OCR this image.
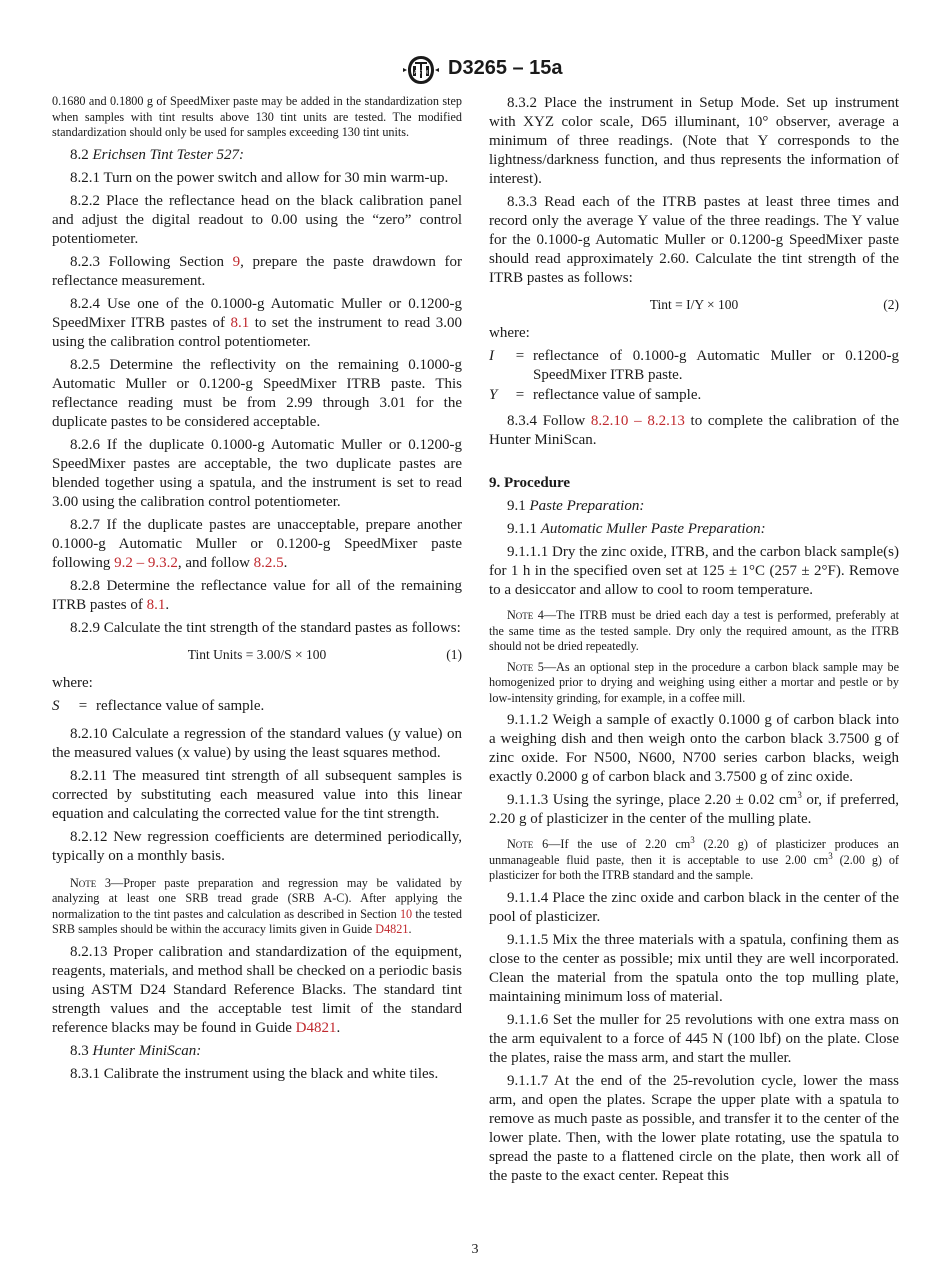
ASTM D3265 – 15a

0.1680 and 0.1800 g of SpeedMixer paste may be added in the standardization step when samples with tint results above 130 tint units are tested. The modified standardization should only be used for samples exceeding 130 tint units.

8.2 Erichsen Tint Tester 527:

8.2.1 Turn on the power switch and allow for 30 min warm-up.

8.2.2 Place the reflectance head on the black calibration panel and adjust the digital readout to 0.00 using the “zero” control potentiometer.

8.2.3 Following Section 9, prepare the paste drawdown for reflectance measurement.

8.2.4 Use one of the 0.1000-g Automatic Muller or 0.1200-g SpeedMixer ITRB pastes of 8.1 to set the instrument to read 3.00 using the calibration control potentiometer.

8.2.5 Determine the reflectivity on the remaining 0.1000-g Automatic Muller or 0.1200-g SpeedMixer ITRB paste. This reflectance reading must be from 2.99 through 3.01 for the duplicate pastes to be considered acceptable.

8.2.6 If the duplicate 0.1000-g Automatic Muller or 0.1200-g SpeedMixer pastes are acceptable, the two duplicate pastes are blended together using a spatula, and the instrument is set to read 3.00 using the calibration control potentiometer.

8.2.7 If the duplicate pastes are unacceptable, prepare another 0.1000-g Automatic Muller or 0.1200-g SpeedMixer paste following 9.2 – 9.3.2, and follow 8.2.5.

8.2.8 Determine the reflectance value for all of the remaining ITRB pastes of 8.1.

8.2.9 Calculate the tint strength of the standard pastes as follows:

Tint Units = 3.00/S × 100	(1)

where:

S	= reflectance value of sample.

8.2.10 Calculate a regression of the standard values (y value) on the measured values (x value) by using the least squares method.

8.2.11 The measured tint strength of all subsequent samples is corrected by substituting each measured value into this linear equation and calculating the corrected value for the tint strength.

8.2.12 New regression coefficients are determined periodically, typically on a monthly basis.

Note 3—Proper paste preparation and regression may be validated by analyzing at least one SRB tread grade (SRB A-C). After applying the normalization to the tint pastes and calculation as described in Section 10 the tested SRB samples should be within the accuracy limits given in Guide D4821.

8.2.13 Proper calibration and standardization of the equipment, reagents, materials, and method shall be checked on a periodic basis using ASTM D24 Standard Reference Blacks. The standard tint strength values and the acceptable test limit of the standard reference blacks may be found in Guide D4821.

8.3 Hunter MiniScan:

8.3.1 Calibrate the instrument using the black and white tiles.

8.3.2 Place the instrument in Setup Mode. Set up instrument with XYZ color scale, D65 illuminant, 10° observer, average a minimum of three readings. (Note that Y corresponds to the lightness/darkness function, and thus represents the information of interest).

8.3.3 Read each of the ITRB pastes at least three times and record only the average Y value of the three readings. The Y value for the 0.1000-g Automatic Muller or 0.1200-g SpeedMixer paste should read approximately 2.60. Calculate the tint strength of the ITRB pastes as follows:

Tint = I/Y × 100	(2)

where:

I	= reflectance of 0.1000-g Automatic Muller or 0.1200-g SpeedMixer ITRB paste.
Y	= reflectance value of sample.

8.3.4 Follow 8.2.10 – 8.2.13 to complete the calibration of the Hunter MiniScan.

9. Procedure

9.1 Paste Preparation:

9.1.1 Automatic Muller Paste Preparation:

9.1.1.1 Dry the zinc oxide, ITRB, and the carbon black sample(s) for 1 h in the specified oven set at 125 ± 1°C (257 ± 2°F). Remove to a desiccator and allow to cool to room temperature.

Note 4—The ITRB must be dried each day a test is performed, preferably at the same time as the tested sample. Dry only the required amount, as the ITRB should not be dried repeatedly.

Note 5—As an optional step in the procedure a carbon black sample may be homogenized prior to drying and weighing using either a mortar and pestle or by low-intensity grinding, for example, in a coffee mill.

9.1.1.2 Weigh a sample of exactly 0.1000 g of carbon black into a weighing dish and then weigh onto the carbon black 3.7500 g of zinc oxide. For N500, N600, N700 series carbon blacks, weigh exactly 0.2000 g of carbon black and 3.7500 g of zinc oxide.

9.1.1.3 Using the syringe, place 2.20 ± 0.02 $cm^3$ or, if preferred, 2.20 g of plasticizer in the center of the mulling plate.

Note 6—If the use of 2.20 $cm^3$ (2.20 g) of plasticizer produces an unmanageable fluid paste, then it is acceptable to use 2.00 $cm^3$ (2.00 g) of plasticizer for both the ITRB standard and the sample.

9.1.1.4 Place the zinc oxide and carbon black in the center of the pool of plasticizer.

9.1.1.5 Mix the three materials with a spatula, confining them as close to the center as possible; mix until they are well incorporated. Clean the material from the spatula onto the top mulling plate, maintaining minimum loss of material.

9.1.1.6 Set the muller for 25 revolutions with one extra mass on the arm equivalent to a force of 445 N (100 lbf) on the plate. Close the plates, raise the mass arm, and start the muller.

9.1.1.7 At the end of the 25-revolution cycle, lower the mass arm, and open the plates. Scrape the upper plate with a spatula to remove as much paste as possible, and transfer it to the center of the lower plate. Then, with the lower plate rotating, use the spatula to spread the paste to a flattened circle on the plate, then work all of the paste to the exact center. Repeat this

3
